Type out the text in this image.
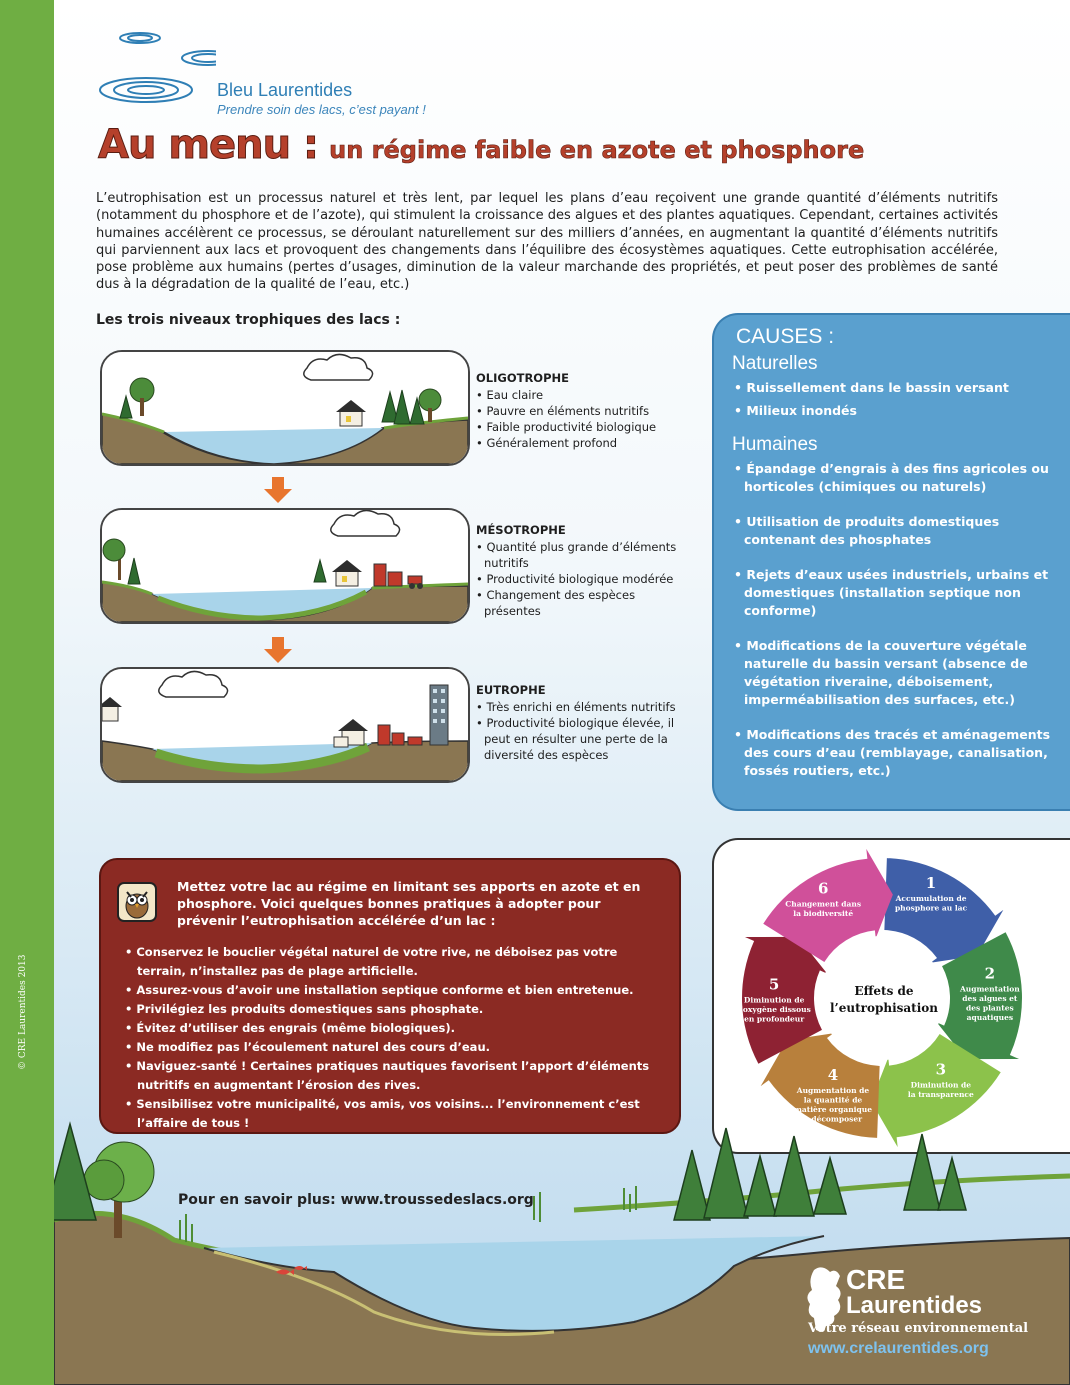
© CRE Laurentides 2013
Bleu Laurentides
Prendre soin des lacs, c’est payant !
Au menu : un régime faible en azote et phosphore
L’eutrophisation est un processus naturel et très lent, par lequel les plans d’eau reçoivent une grande quantité d’éléments nutritifs (notamment du phosphore et de l’azote), qui stimulent la croissance des algues et des plantes aquatiques. Cependant, certaines activités humaines accélèrent ce processus, se déroulant naturellement sur des milliers d’années, en augmentant la quantité d’éléments nutritifs qui parviennent aux lacs et provoquent des changements dans l’équilibre des écosystèmes aquatiques. Cette eutrophisation accélérée, pose problème aux humains (pertes d’usages, diminution de la valeur marchande des propriétés, et peut poser des problèmes de santé dus à la dégradation de la qualité de l’eau, etc.)
Les trois niveaux trophiques des lacs :
OLIGOTROPHE
• Eau claire
• Pauvre en éléments nutritifs
• Faible productivité biologique
• Généralement profond
MÉSOTROPHE
• Quantité plus grande d’éléments nutritifs
• Productivité biologique modérée
• Changement des espèces présentes
EUTROPHE
• Très enrichi en éléments nutritifs
• Productivité biologique élevée, il peut en résulter une perte de la diversité des espèces
CAUSES :
Naturelles
• Ruissellement dans le bassin versant
• Milieux inondés
Humaines
• Épandage d’engrais à des fins agricoles ou horticoles (chimiques ou naturels)
• Utilisation de produits domestiques contenant des phosphates
• Rejets d’eaux usées industriels, urbains et domestiques (installation septique non conforme)
• Modifications de la couverture végétale naturelle du bassin versant (absence de végétation riveraine, déboisement, imperméabilisation des surfaces, etc.)
• Modifications des tracés et aménagements des cours d’eau (remblayage, canalisation, fossés routiers, etc.)
Effets de
l’eutrophisation
1
Accumulation de
phosphore au lac
2
Augmentation
des algues et
des plantes
aquatiques
3
Diminution de
la transparence
4
Augmentation de
la quantité de
matière organique
à décomposer
5
Diminution de
l’oxygène dissous
en profondeur
6
Changement dans
la biodiversité
Mettez votre lac au régime en limitant ses apports en azote et en phosphore. Voici quelques bonnes pratiques à adopter pour prévenir l’eutrophisation accélérée d’un lac :
• Conservez le bouclier végétal naturel de votre rive, ne déboisez pas votre terrain, n’installez pas de plage artificielle.
• Assurez-vous d’avoir une installation septique conforme et bien entretenue.
• Privilégiez les produits domestiques sans phosphate.
• Évitez d’utiliser des engrais (même biologiques).
• Ne modifiez pas l’écoulement naturel des cours d’eau.
• Naviguez-santé ! Certaines pratiques nautiques favorisent l’apport d’éléments nutritifs en augmentant l’érosion des rives.
• Sensibilisez votre municipalité, vos amis, vos voisins... l’environnement c’est l’affaire de tous !
Pour en savoir plus: www.troussedeslacs.org
CRE
Laurentides
Votre réseau environnemental
www.crelaurentides.org
